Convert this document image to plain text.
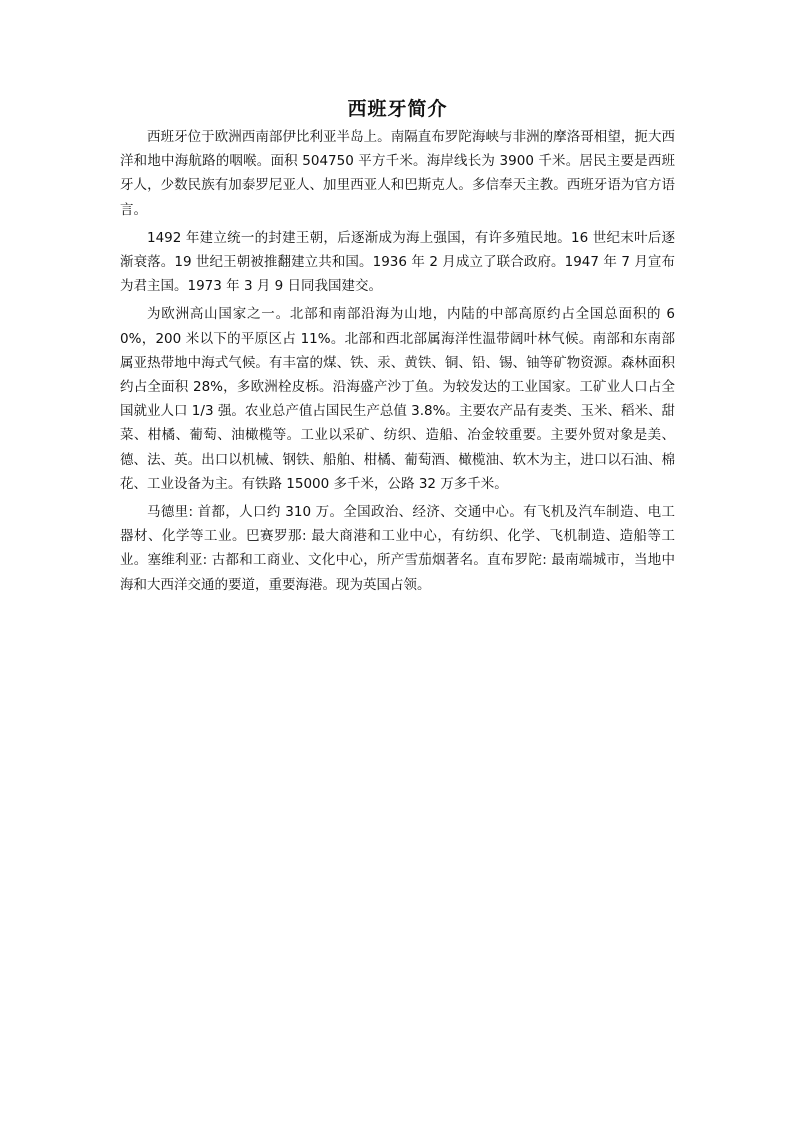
西班牙简介

西班牙位于欧洲西南部伊比利亚半岛上。南隔直布罗陀海峡与非洲的摩洛哥相望，扼大西洋和地中海航路的咽喉。面积 504750 平方千米。海岸线长为 3900 千米。居民主要是西班牙人，少数民族有加泰罗尼亚人、加里西亚人和巴斯克人。多信奉天主教。西班牙语为官方语言。

1492 年建立统一的封建王朝，后逐渐成为海上强国，有许多殖民地。16 世纪末叶后逐渐衰落。19 世纪王朝被推翻建立共和国。1936 年 2 月成立了联合政府。1947 年 7 月宣布为君主国。1973 年 3 月 9 日同我国建交。

为欧洲高山国家之一。北部和南部沿海为山地，内陆的中部高原约占全国总面积的 60%，200 米以下的平原区占 11%。北部和西北部属海洋性温带阔叶林气候。南部和东南部属亚热带地中海式气候。有丰富的煤、铁、汞、黄铁、铜、铅、锡、铀等矿物资源。森林面积约占全面积 28%，多欧洲栓皮栎。沿海盛产沙丁鱼。为较发达的工业国家。工矿业人口占全国就业人口 1/3 强。农业总产值占国民生产总值 3.8%。主要农产品有麦类、玉米、稻米、甜菜、柑橘、葡萄、油橄榄等。工业以采矿、纺织、造船、冶金较重要。主要外贸对象是美、德、法、英。出口以机械、钢铁、船舶、柑橘、葡萄酒、橄榄油、软木为主，进口以石油、棉花、工业设备为主。有铁路 15000 多千米，公路 32 万多千米。

马德里: 首都，人口约 310 万。全国政治、经济、交通中心。有飞机及汽车制造、电工器材、化学等工业。巴赛罗那: 最大商港和工业中心，有纺织、化学、飞机制造、造船等工业。塞维利亚: 古都和工商业、文化中心，所产雪茄烟著名。直布罗陀: 最南端城市，当地中海和大西洋交通的要道，重要海港。现为英国占领。
